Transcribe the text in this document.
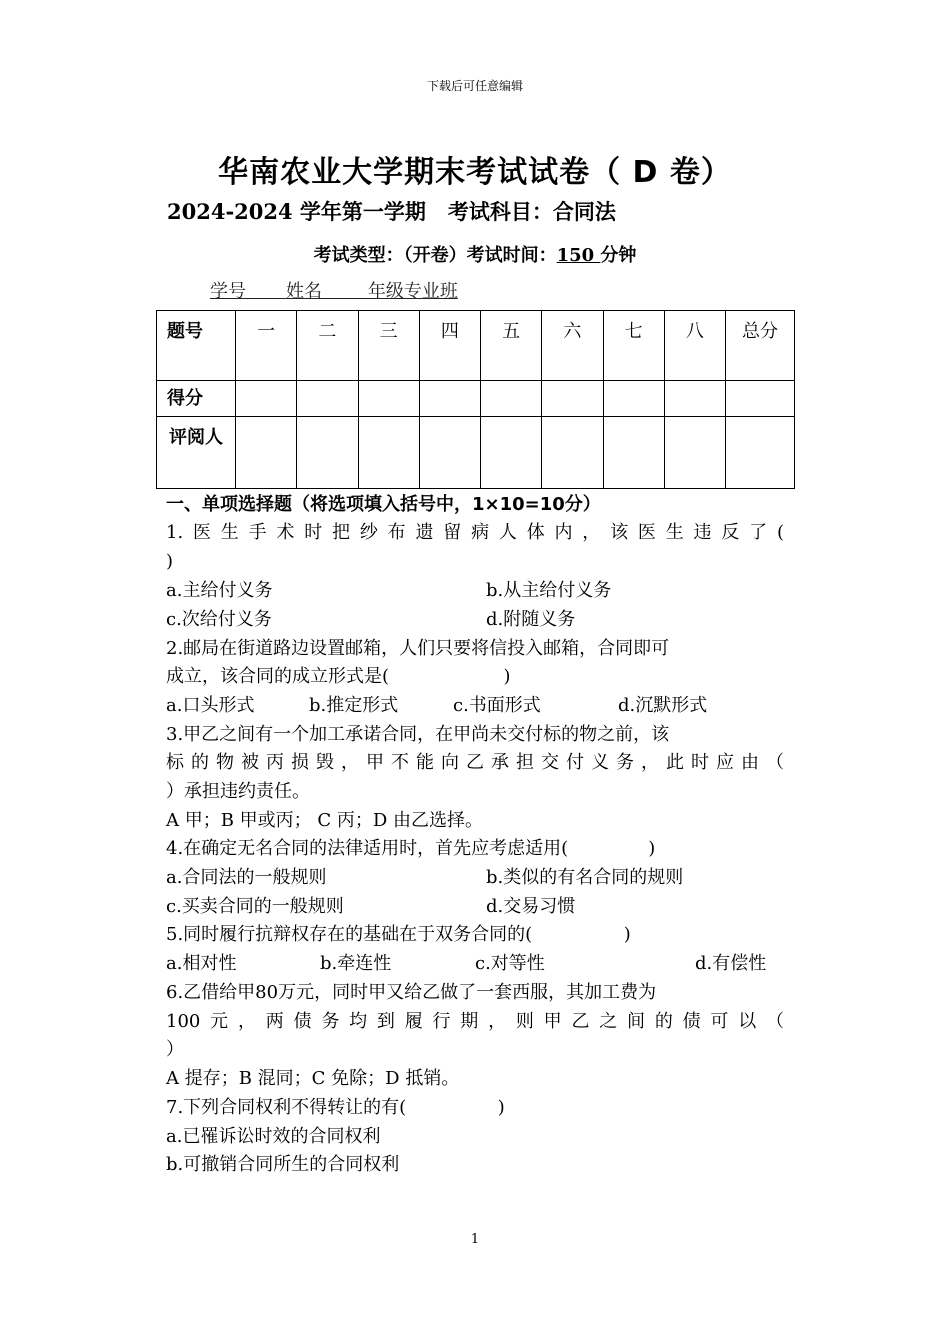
下载后可任意编辑
华南农业大学期末考试试卷（ D 卷）
2024-2024 学年第一学期   考试科目：合同法
考试类型：（开卷）考试时间：150 分钟
学号       姓名        年级专业班
题号	一	二	三	四	五	六	七	八	总分
得分									
评阅人									
一、单项选择题（将选项填入括号中，1×10=10分）
1.医生手术时把纱布遗留病人体内，该医生违反了(
)
a.主给付义务	b.从主给付义务
c.次给付义务	d.附随义务
2.邮局在街道路边设置邮箱，人们只要将信投入邮箱，合同即可
成立，该合同的成立形式是(                    )
a.口头形式	b.推定形式	c.书面形式	d.沉默形式
3.甲乙之间有一个加工承诺合同，在甲尚未交付标的物之前，该
标的物被丙损毁，甲不能向乙承担交付义务，此时应由（
）承担违约责任。
A 甲；B 甲或丙； C 丙；D 由乙选择。
4.在确定无名合同的法律适用时，首先应考虑适用(              )
a.合同法的一般规则	b.类似的有名合同的规则
c.买卖合同的一般规则	d.交易习惯
5.同时履行抗辩权存在的基础在于双务合同的(                )
a.相对性	b.牵连性	c.对等性	d.有偿性
6.乙借给甲80万元，同时甲又给乙做了一套西服，其加工费为
100元，两债务均到履行期，则甲乙之间的债可以（
）
A 提存；B 混同；C 免除；D 抵销。
7.下列合同权利不得转让的有(                )
a.已罹诉讼时效的合同权利
b.可撤销合同所生的合同权利
1
